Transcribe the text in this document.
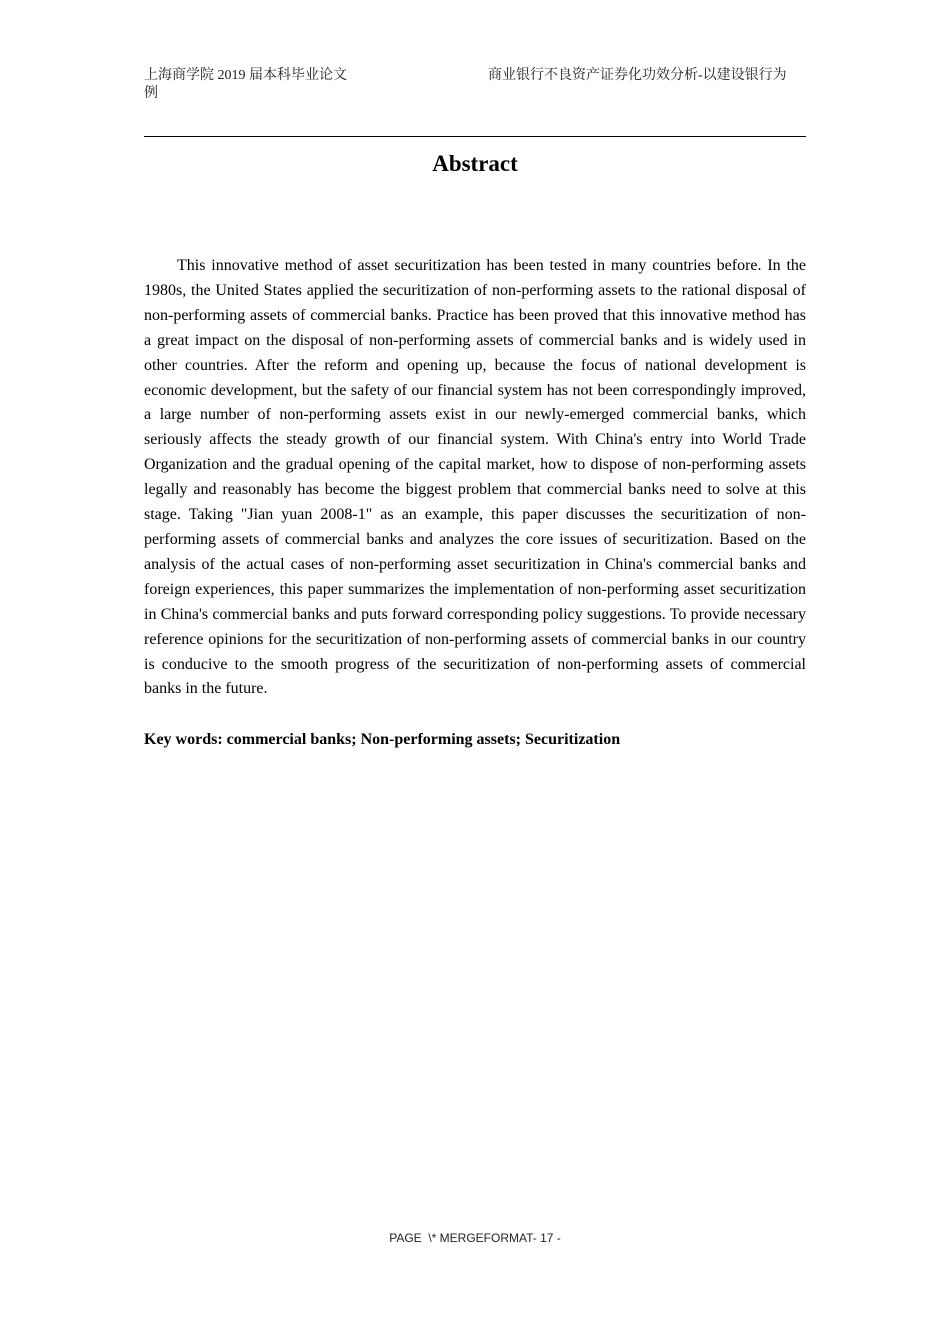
上海商学院 2019 届本科毕业论文例
商业银行不良资产证券化功效分析-以建设银行为
Abstract

This innovative method of asset securitization has been tested in many countries before. In the 1980s, the United States applied the securitization of non-performing assets to the rational disposal of non-performing assets of commercial banks. Practice has been proved that this innovative method has a great impact on the disposal of non-performing assets of commercial banks and is widely used in other countries. After the reform and opening up, because the focus of national development is economic development, but the safety of our financial system has not been correspondingly improved, a large number of non-performing assets exist in our newly-emerged commercial banks, which seriously affects the steady growth of our financial system. With China's entry into World Trade Organization and the gradual opening of the capital market, how to dispose of non-performing assets legally and reasonably has become the biggest problem that commercial banks need to solve at this stage. Taking "Jian yuan 2008-1" as an example, this paper discusses the securitization of non-performing assets of commercial banks and analyzes the core issues of securitization. Based on the analysis of the actual cases of non-performing asset securitization in China's commercial banks and foreign experiences, this paper summarizes the implementation of non-performing asset securitization in China's commercial banks and puts forward corresponding policy suggestions. To provide necessary reference opinions for the securitization of non-performing assets of commercial banks in our country is conducive to the smooth progress of the securitization of non-performing assets of commercial banks in the future.

Key words: commercial banks; Non-performing assets; Securitization
PAGE  \* MERGEFORMAT- 17 -
